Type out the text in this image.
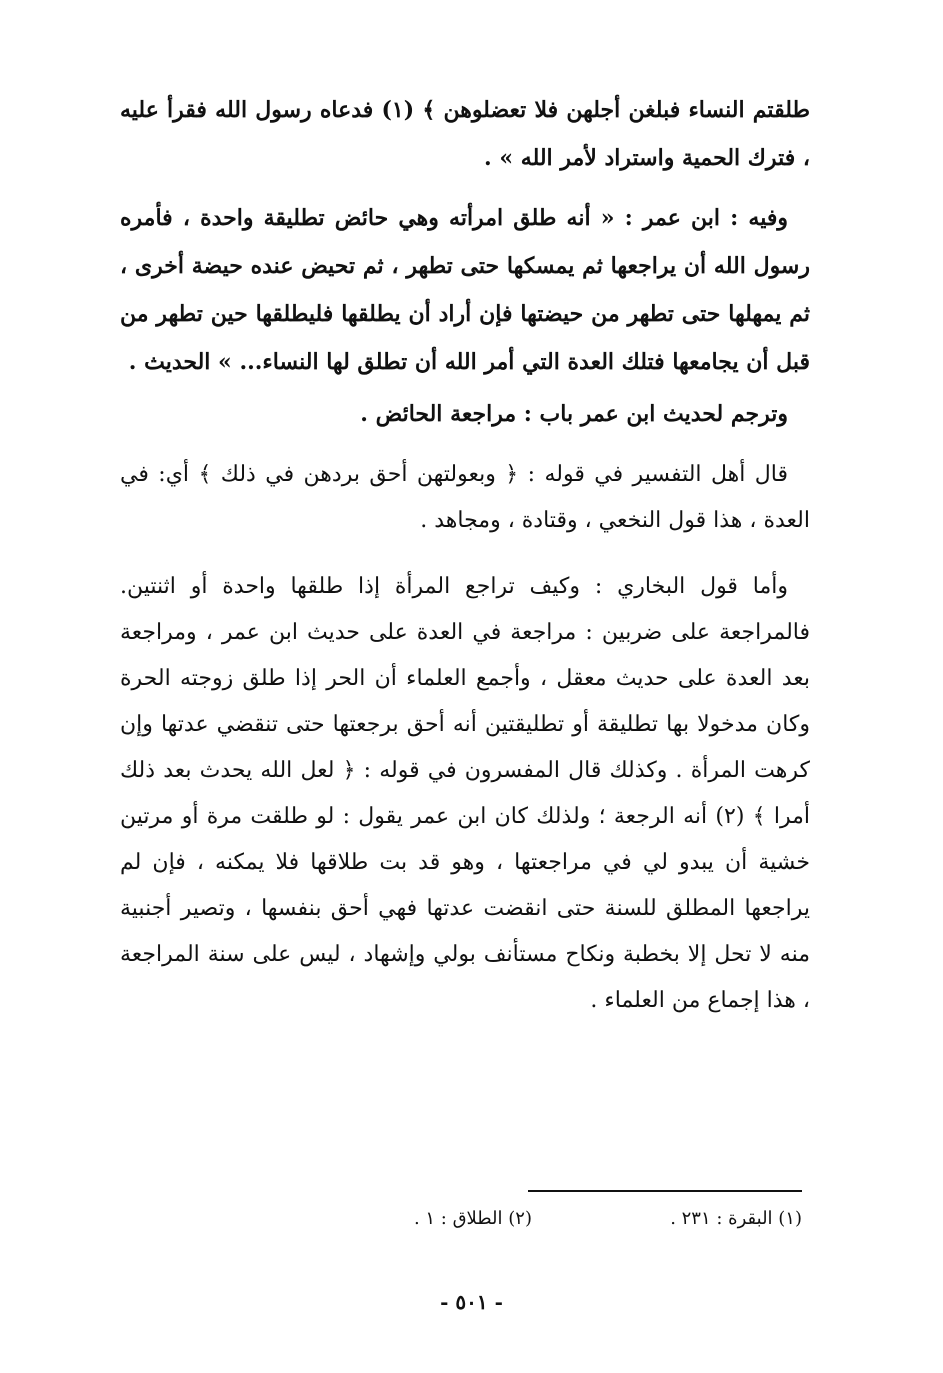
طلقتم النساء فبلغن أجلهن فلا تعضلوهن ﴾ (١) فدعاه رسول الله فقرأ عليه ، فترك الحمية واستراد لأمر الله » .

وفيه : ابن عمر : « أنه طلق امرأته وهي حائض تطليقة واحدة ، فأمره رسول الله أن يراجعها ثم يمسكها حتى تطهر ، ثم تحيض عنده حيضة أخرى ، ثم يمهلها حتى تطهر من حيضتها فإن أراد أن يطلقها فليطلقها حين تطهر من قبل أن يجامعها فتلك العدة التي أمر الله أن تطلق لها النساء... » الحديث .

وترجم لحديث ابن عمر باب : مراجعة الحائض .

قال أهل التفسير في قوله : ﴿ وبعولتهن أحق بردهن في ذلك ﴾ أي: في العدة ، هذا قول النخعي ، وقتادة ، ومجاهد .

وأما قول البخاري : وكيف تراجع المرأة إذا طلقها واحدة أو اثنتين. فالمراجعة على ضربين : مراجعة في العدة على حديث ابن عمر ، ومراجعة بعد العدة على حديث معقل ، وأجمع العلماء أن الحر إذا طلق زوجته الحرة وكان مدخولا بها تطليقة أو تطليقتين أنه أحق برجعتها حتى تنقضي عدتها وإن كرهت المرأة . وكذلك قال المفسرون في قوله : ﴿ لعل الله يحدث بعد ذلك أمرا ﴾ (٢) أنه الرجعة ؛ ولذلك كان ابن عمر يقول : لو طلقت مرة أو مرتين خشية أن يبدو لي في مراجعتها ، وهو قد بت طلاقها فلا يمكنه ، فإن لم يراجعها المطلق للسنة حتى انقضت عدتها فهي أحق بنفسها ، وتصير أجنبية منه لا تحل إلا بخطبة ونكاح مستأنف بولي وإشهاد ، ليس على سنة المراجعة ، هذا إجماع من العلماء .

(١) البقرة : ٢٣١ .
(٢) الطلاق : ١ .
- ٥٠١ -
